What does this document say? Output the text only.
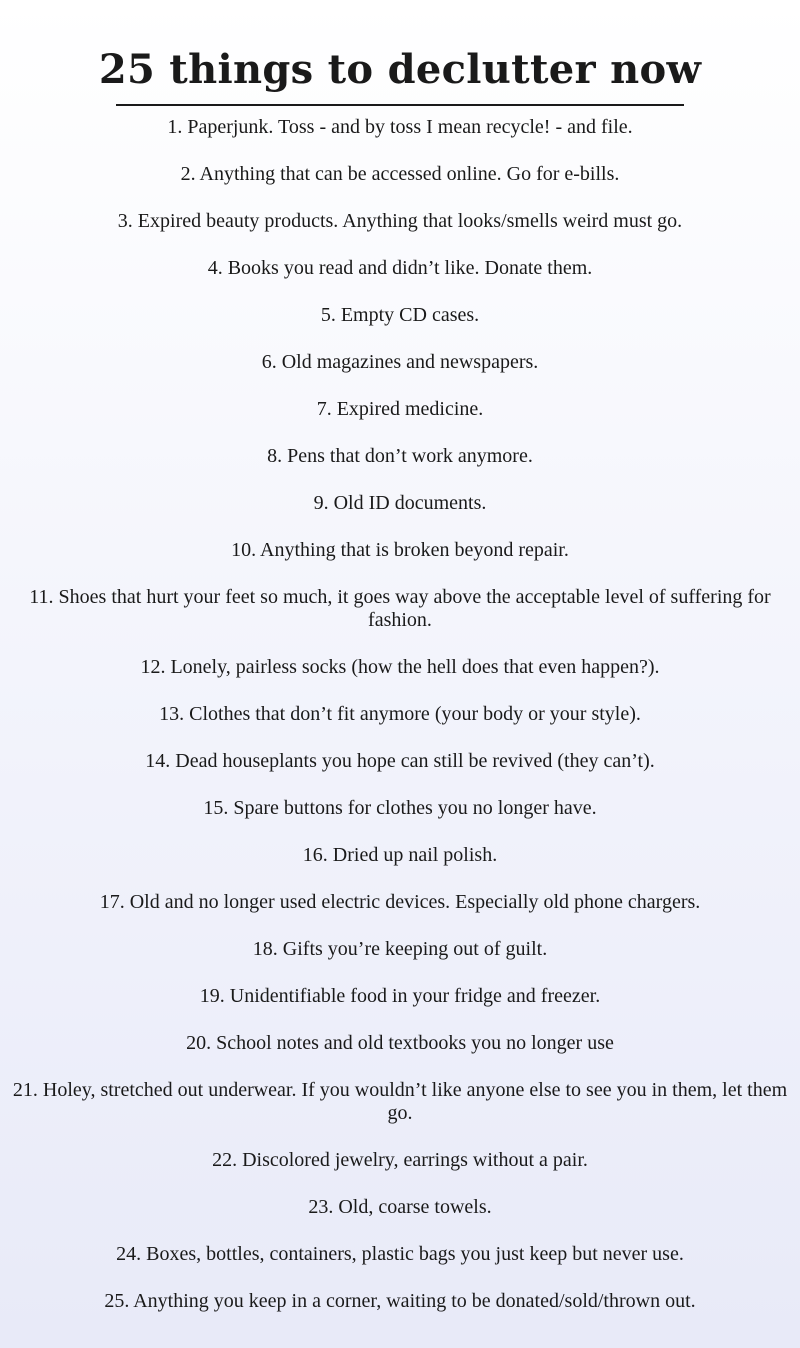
25 things to declutter now
1. Paperjunk. Toss - and by toss I mean recycle! - and file.
2. Anything that can be accessed online. Go for e-bills.
3. Expired beauty products. Anything that looks/smells weird must go.
4. Books you read and didn’t like. Donate them.
5. Empty CD cases.
6. Old magazines and newspapers.
7. Expired medicine.
8. Pens that don’t work anymore.
9. Old ID documents.
10. Anything that is broken beyond repair.
11. Shoes that hurt your feet so much, it goes way above the acceptable level of suffering for fashion.
12. Lonely, pairless socks (how the hell does that even happen?).
13. Clothes that don’t fit anymore (your body or your style).
14. Dead houseplants you hope can still be revived (they can’t).
15. Spare buttons for clothes you no longer have.
16. Dried up nail polish.
17. Old and no longer used electric devices. Especially old phone chargers.
18. Gifts you’re keeping out of guilt.
19. Unidentifiable food in your fridge and freezer.
20. School notes and old textbooks you no longer use
21. Holey, stretched out underwear. If you wouldn’t like anyone else to see you in them, let them go.
22. Discolored jewelry, earrings without a pair.
23. Old, coarse towels.
24. Boxes, bottles, containers, plastic bags you just keep but never use.
25. Anything you keep in a corner, waiting to be donated/sold/thrown out.
